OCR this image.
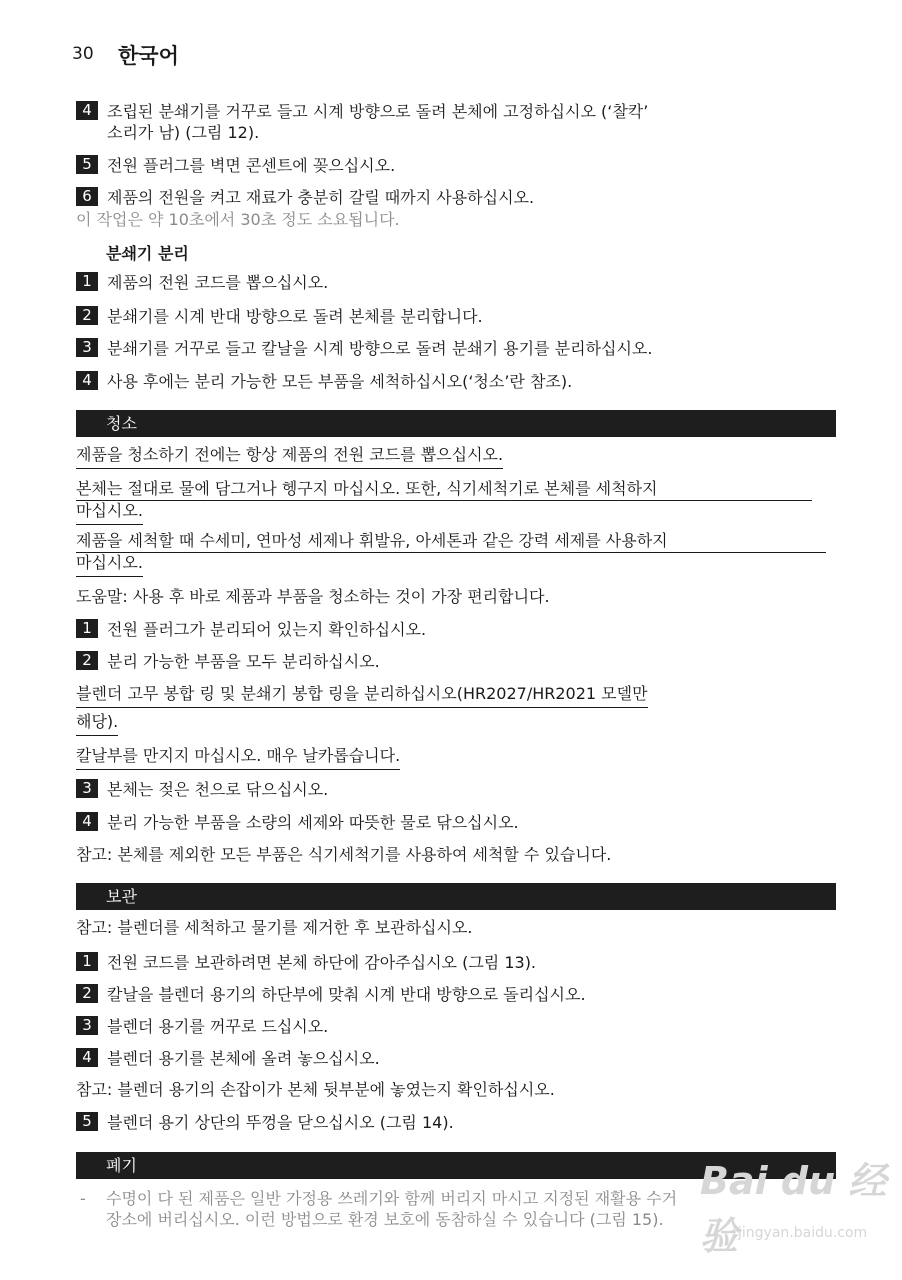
30 한국어
4 조립된 분쇄기를 거꾸로 들고 시계 방향으로 돌려 본체에 고정하십시오 (‘찰칵’
소리가 남) (그림 12).
5 전원 플러그를 벽면 콘센트에 꽂으십시오.
6 제품의 전원을 켜고 재료가 충분히 갈릴 때까지 사용하십시오.
이 작업은 약 10초에서 30초 정도 소요됩니다.
분쇄기 분리
1 제품의 전원 코드를 뽑으십시오.
2 분쇄기를 시계 반대 방향으로 돌려 본체를 분리합니다.
3 분쇄기를 거꾸로 들고 칼날을 시계 방향으로 돌려 분쇄기 용기를 분리하십시오.
4 사용 후에는 분리 가능한 모든 부품을 세척하십시오(‘청소’란 참조).
청소
제품을 청소하기 전에는 항상 제품의 전원 코드를 뽑으십시오.
본체는 절대로 물에 담그거나 헹구지 마십시오. 또한, 식기세척기로 본체를 세척하지
마십시오.
제품을 세척할 때 수세미, 연마성 세제나 휘발유, 아세톤과 같은 강력 세제를 사용하지
마십시오.
도움말: 사용 후 바로 제품과 부품을 청소하는 것이 가장 편리합니다.
1 전원 플러그가 분리되어 있는지 확인하십시오.
2 분리 가능한 부품을 모두 분리하십시오.
블렌더 고무 봉합 링 및 분쇄기 봉합 링을 분리하십시오(HR2027/HR2021 모델만
해당).
칼날부를 만지지 마십시오. 매우 날카롭습니다.
3 본체는 젖은 천으로 닦으십시오.
4 분리 가능한 부품을 소량의 세제와 따뜻한 물로 닦으십시오.
참고: 본체를 제외한 모든 부품은 식기세척기를 사용하여 세척할 수 있습니다.
보관
참고: 블렌더를 세척하고 물기를 제거한 후 보관하십시오.
1 전원 코드를 보관하려면 본체 하단에 감아주십시오 (그림 13).
2 칼날을 블렌더 용기의 하단부에 맞춰 시계 반대 방향으로 돌리십시오.
3 블렌더 용기를 꺼꾸로 드십시오.
4 블렌더 용기를 본체에 올려 놓으십시오.
참고: 블렌더 용기의 손잡이가 본체 뒷부분에 놓였는지 확인하십시오.
5 블렌더 용기 상단의 뚜껑을 닫으십시오 (그림 14).
폐기
- 수명이 다 된 제품은 일반 가정용 쓰레기와 함께 버리지 마시고 지정된 재활용 수거
장소에 버리십시오. 이런 방법으로 환경 보호에 동참하실 수 있습니다 (그림 15).
Bai du 经验 jingyan.baidu.com
